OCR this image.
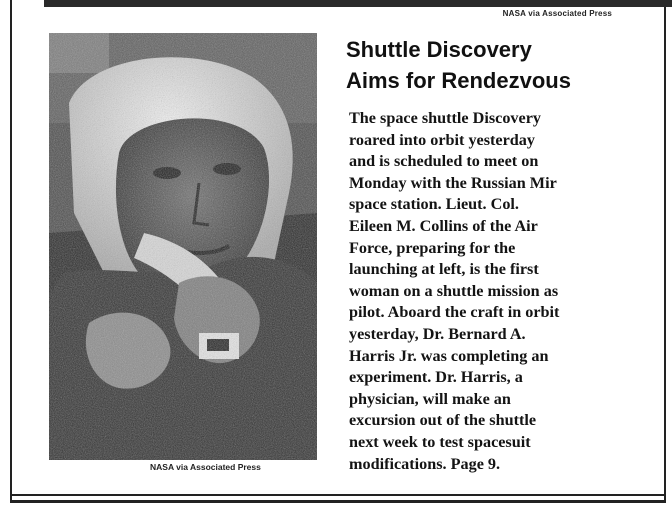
NASA via Associated Press
NASA via Associated Press
Shuttle Discovery
Aims for Rendezvous
The space shuttle Discovery
roared into orbit yesterday
and is scheduled to meet on
Monday with the Russian Mir
space station. Lieut. Col.
Eileen M. Collins of the Air
Force, preparing for the
launching at left, is the first
woman on a shuttle mission as
pilot. Aboard the craft in orbit
yesterday, Dr. Bernard A.
Harris Jr. was completing an
experiment. Dr. Harris, a
physician, will make an
excursion out of the shuttle
next week to test spacesuit
modifications. Page 9.
